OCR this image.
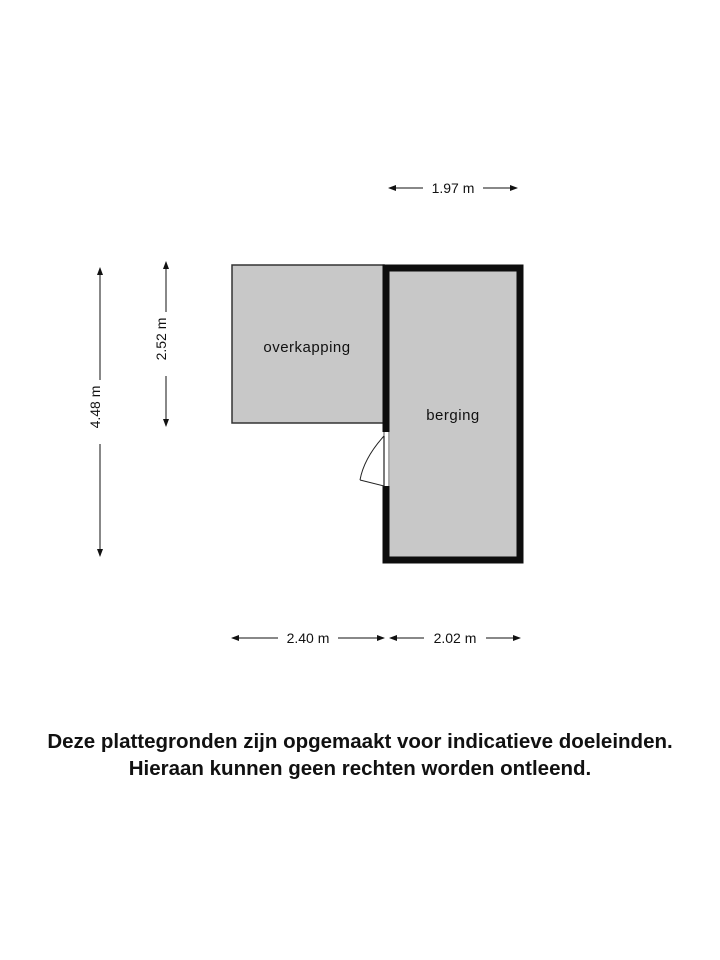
overkapping
berging
1.97 m
4.48 m
2.52 m
2.40 m	2.02 m
Deze plattegronden zijn opgemaakt voor indicatieve doeleinden.
Hieraan kunnen geen rechten worden ontleend.
